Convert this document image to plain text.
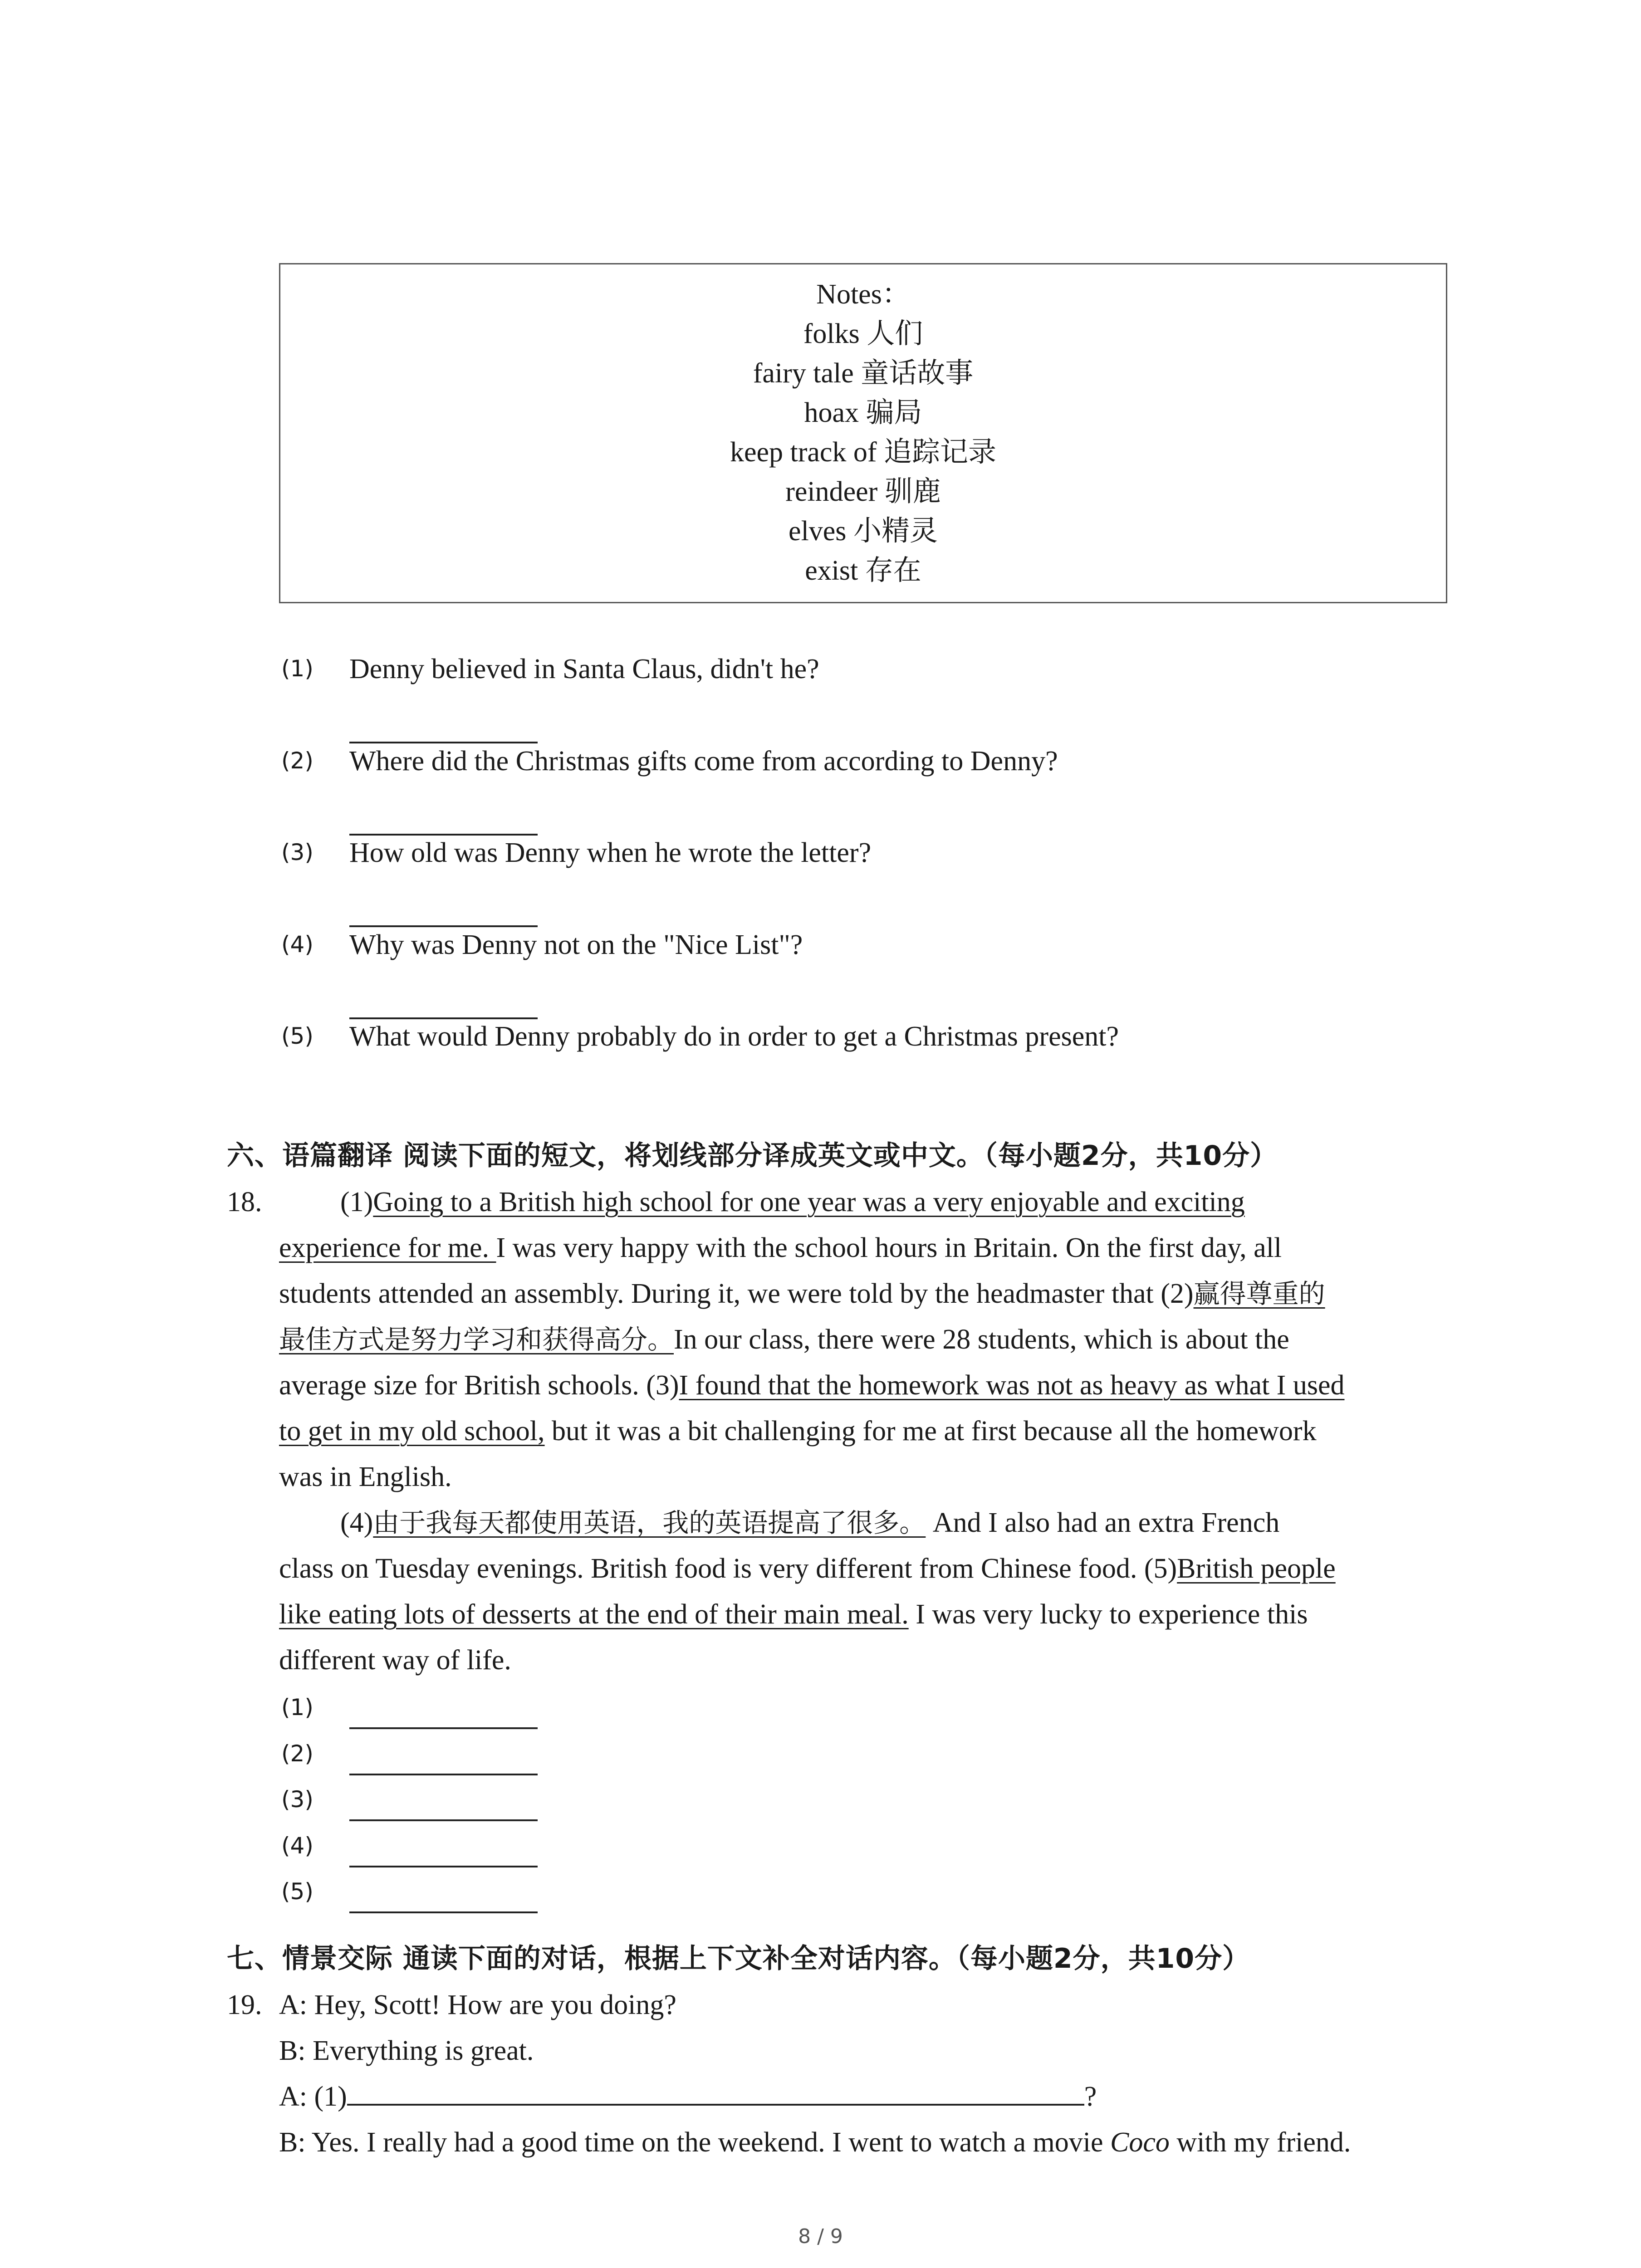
Notes：
folks 人们
fairy tale 童话故事
hoax 骗局
keep track of 追踪记录
reindeer 驯鹿
elves 小精灵
exist 存在
(1) Denny believed in Santa Claus, didn't he?
(2) Where did the Christmas gifts come from according to Denny?
(3) How old was Denny when he wrote the letter?
(4) Why was Denny not on the "Nice List"?
(5) What would Denny probably do in order to get a Christmas present?
六、语篇翻译 阅读下面的短文，将划线部分译成英文或中文。（每小题2分，共10分）
18.	(1)Going to a British high school for one year was a very enjoyable and exciting
experience for me. I was very happy with the school hours in Britain. On the first day, all
students attended an assembly. During it, we were told by the headmaster that (2)赢得尊重的
最佳方式是努力学习和获得高分。In our class, there were 28 students, which is about the
average size for British schools. (3)I found that the homework was not as heavy as what I used
to get in my old school, but it was a bit challenging for me at first because all the homework
was in English.
(4)由于我每天都使用英语，我的英语提高了很多。 And I also had an extra French
class on Tuesday evenings. British food is very different from Chinese food. (5)British people
like eating lots of desserts at the end of their main meal. I was very lucky to experience this
different way of life.
(1)
(2)
(3)
(4)
(5)
七、情景交际 通读下面的对话，根据上下文补全对话内容。（每小题2分，共10分）
19. A: Hey, Scott! How are you doing?
B: Everything is great.
A: (1)	?
B: Yes. I really had a good time on the weekend. I went to watch a movie Coco with my friend.
8 / 9
